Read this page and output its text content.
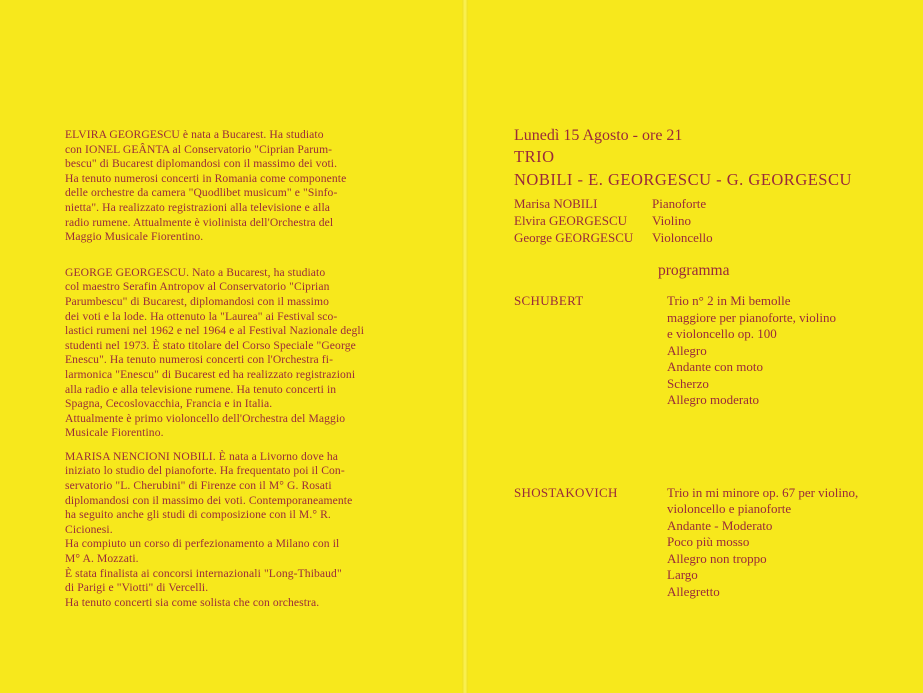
ELVIRA GEORGESCU è nata a Bucarest. Ha studiato

con IONEL GEÂNTA al Conservatorio "Ciprian Parum-

bescu" di Bucarest diplomandosi con il massimo dei voti.

Ha tenuto numerosi concerti in Romania come componente

delle orchestre da camera "Quodlibet musicum" e "Sinfo-

nietta". Ha realizzato registrazioni alla televisione e alla

radio rumene. Attualmente è violinista dell'Orchestra del

Maggio Musicale Fiorentino.

GEORGE GEORGESCU. Nato a Bucarest, ha studiato

col maestro Serafin Antropov al Conservatorio "Ciprian

Parumbescu" di Bucarest, diplomandosi con il massimo

dei voti e la lode. Ha ottenuto la "Laurea" ai Festival sco-

lastici rumeni nel 1962 e nel 1964 e al Festival Nazionale degli

studenti nel 1973. È stato titolare del Corso Speciale "George

Enescu". Ha tenuto numerosi concerti con l'Orchestra fi-

larmonica "Enescu" di Bucarest ed ha realizzato registrazioni

alla radio e alla televisione rumene. Ha tenuto concerti in

Spagna, Cecoslovacchia, Francia e in Italia.

Attualmente è primo violoncello dell'Orchestra del Maggio

Musicale Fiorentino.

MARISA NENCIONI NOBILI. È nata a Livorno dove ha

iniziato lo studio del pianoforte. Ha frequentato poi il Con-

servatorio "L. Cherubini" di Firenze con il M° G. Rosati

diplomandosi con il massimo dei voti. Contemporaneamente

ha seguito anche gli studi di composizione con il M.° R.

Cicionesi.

Ha compiuto un corso di perfezionamento a Milano con il

M° A. Mozzati.

È stata finalista ai concorsi internazionali "Long-Thibaud"

di Parigi e "Viotti" di Vercelli.

Ha tenuto concerti sia come solista che con orchestra.

Lunedì 15 Agosto - ore 21

TRIO

NOBILI - E. GEORGESCU - G. GEORGESCU

Marisa NOBILI	Pianoforte
Elvira GEORGESCU	Violino
George GEORGESCU	Violoncello

programma

SCHUBERT	Trio n° 2 in Mi bemolle

maggiore per pianoforte, violino

e violoncello op. 100

Allegro

Andante con moto

Scherzo

Allegro moderato

SHOSTAKOVICH	Trio in mi minore op. 67 per violino,

violoncello e pianoforte

Andante - Moderato

Poco più mosso

Allegro non troppo

Largo

Allegretto
